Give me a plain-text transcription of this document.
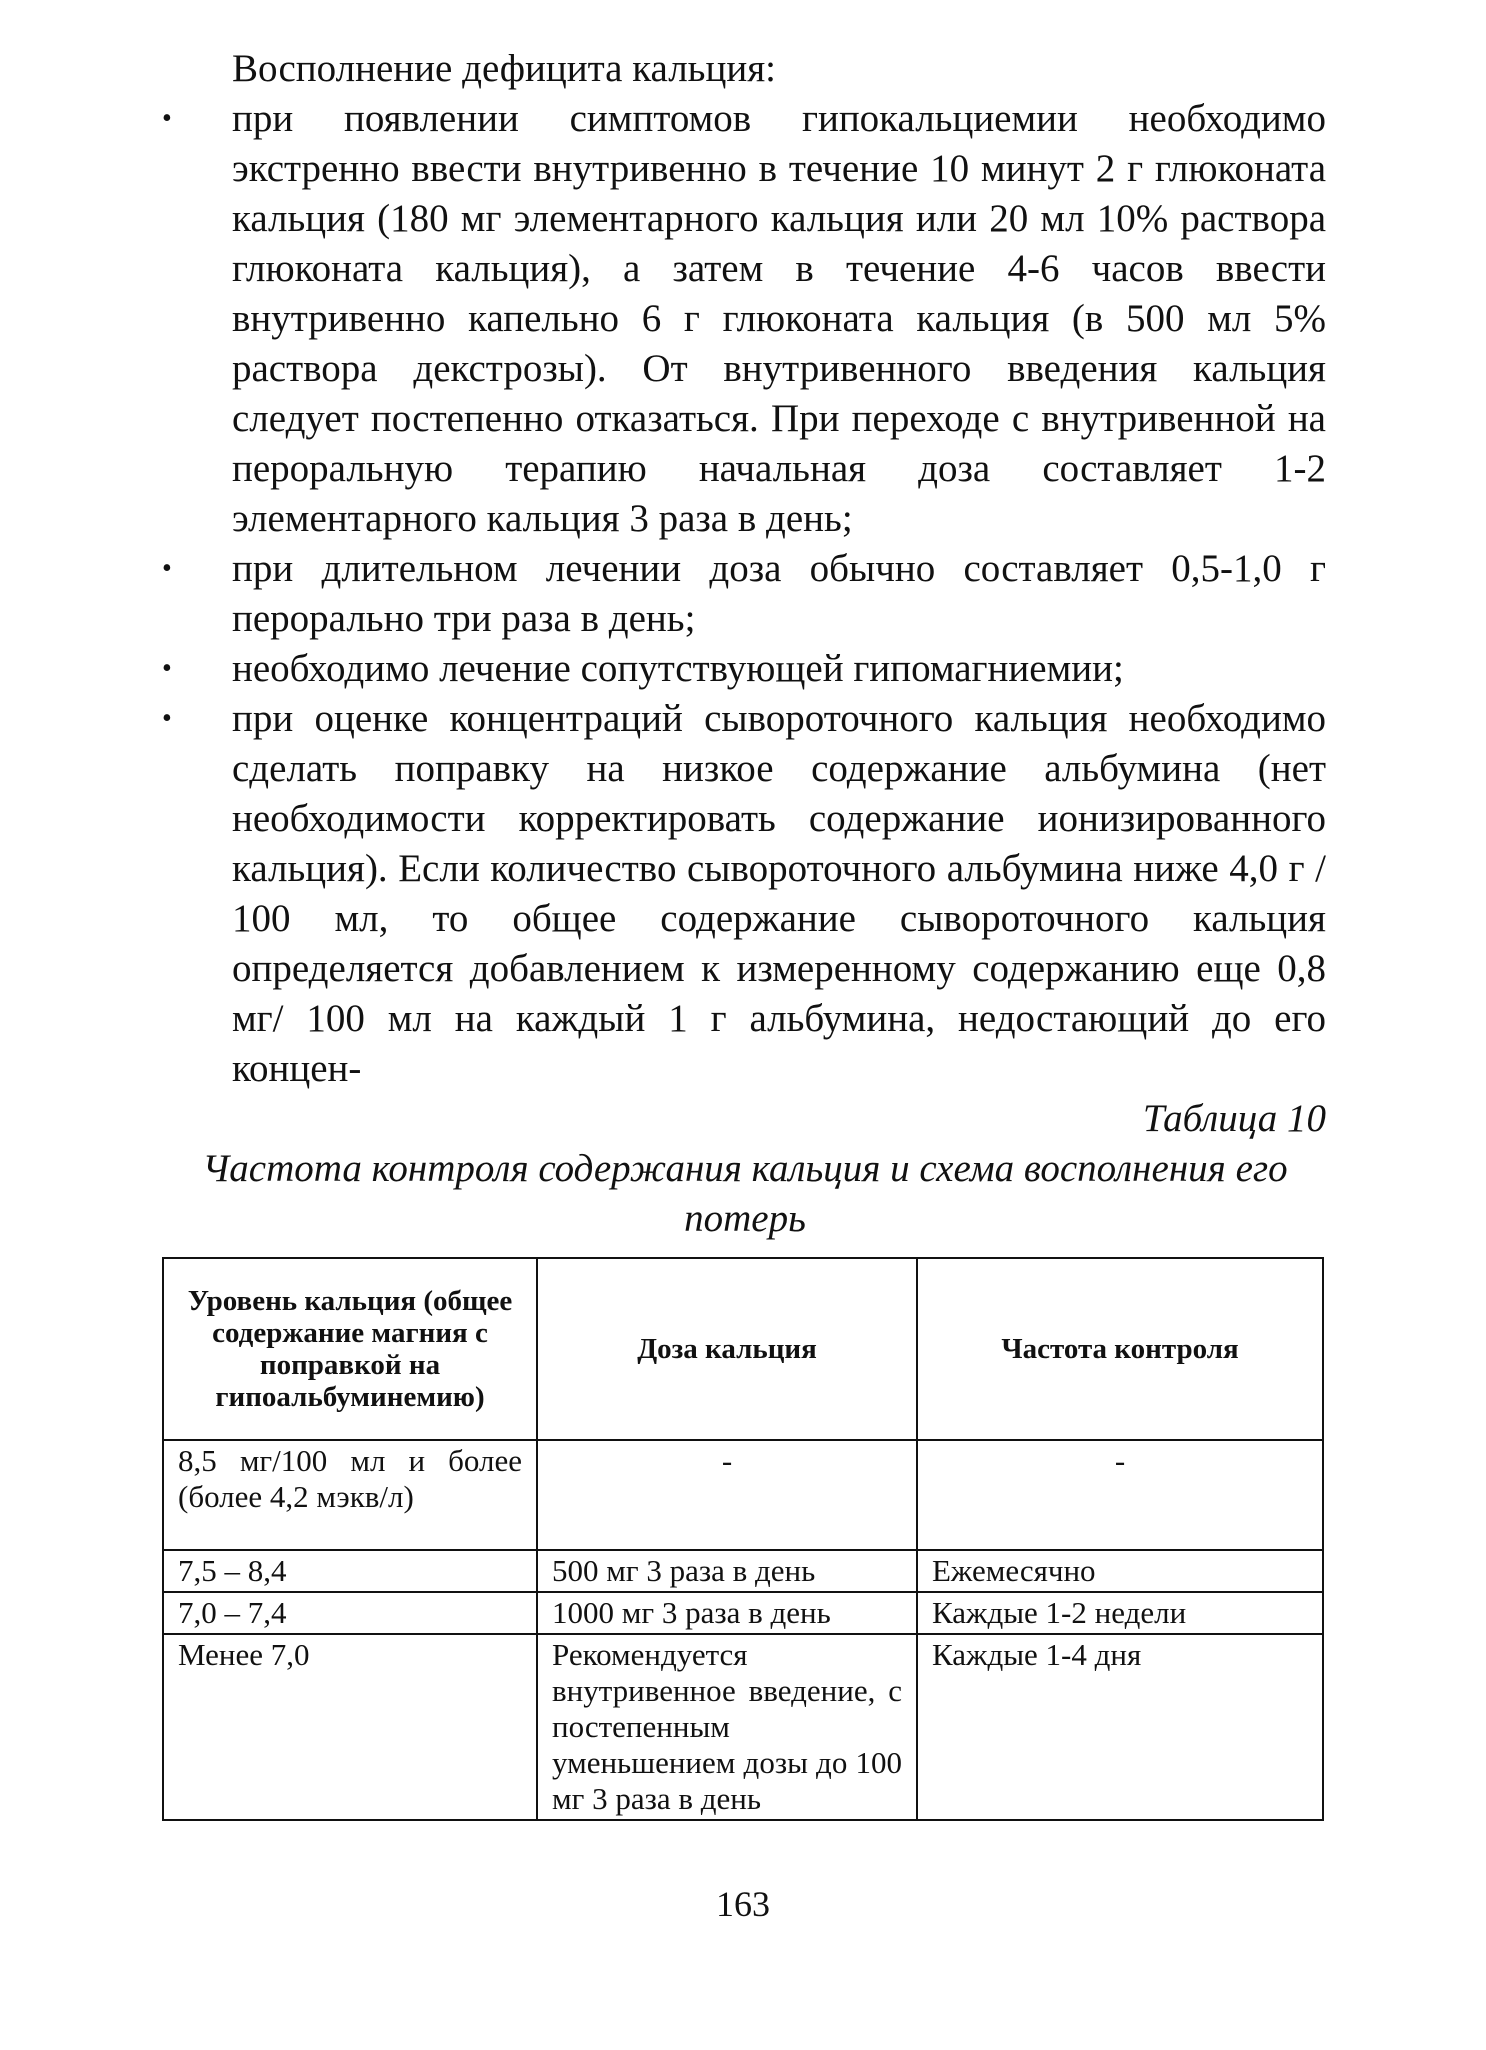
Восполнение дефицита кальция:

• при появлении симптомов гипокальциемии необходимо экстренно ввести внутривенно в течение 10 минут 2 г глюконата кальция (180 мг элементарного кальция или 20 мл 10% раствора глюконата кальция), а затем в течение 4-6 часов ввести внутривенно капельно 6 г глюконата кальция (в 500 мл 5% раствора декстрозы). От внутривенного введения кальция следует постепенно отказаться. При переходе с внутривенной на пероральную терапию начальная доза составляет 1-2 элементарного кальция 3 раза в день;
• при длительном лечении доза обычно составляет 0,5-1,0 г перорально три раза в день;
• необходимо лечение сопутствующей гипомагниемии;
• при оценке концентраций сывороточного кальция необходимо сделать поправку на низкое содержание альбумина (нет необходимости корректировать содержание ионизированного кальция). Если количество сывороточного альбумина ниже 4,0 г / 100 мл, то общее содержание сывороточного кальция определяется добавлением к измеренному содержанию еще 0,8 мг/ 100 мл на каждый 1 г альбумина, недостающий до его концен-
Таблица 10
Частота контроля содержания кальция и схема восполнения его потерь
Уровень кальция (общее содержание магния с поправкой на гипоальбуминемию)	Доза кальция	Частота контроля
8,5 мг/100 мл и более (более 4,2 мэкв/л)	-	-
7,5 – 8,4	500 мг 3 раза в день	Ежемесячно
7,0 – 7,4	1000 мг 3 раза в день	Каждые 1-2 недели
Менее 7,0	Рекомендуется внутривенное введение, с постепенным уменьшением дозы до 100 мг 3 раза в день	Каждые 1-4 дня
163
